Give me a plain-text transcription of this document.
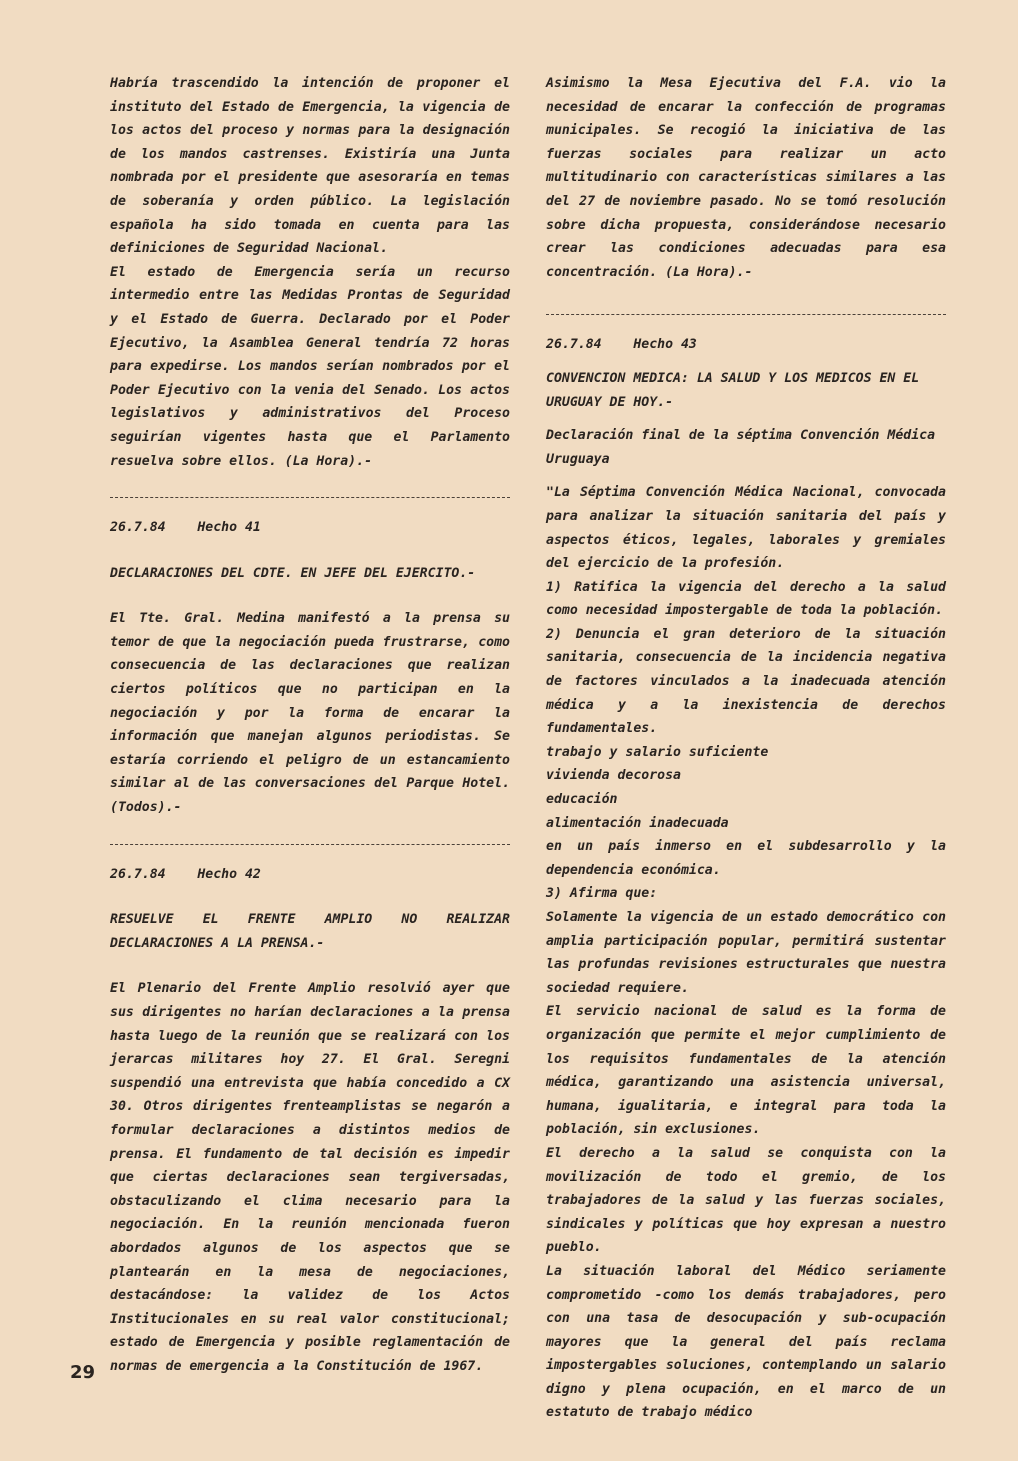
Habría trascendido la intención de proponer el instituto del Estado de Emergencia, la vigencia de los actos del proceso y normas para la designación de los mandos castrenses. Existiría una Junta nombrada por el presidente que asesoraría en temas de soberanía y orden público. La legislación española ha sido tomada en cuenta para las definiciones de Seguridad Nacional.

El estado de Emergencia sería un recurso intermedio entre las Medidas Prontas de Seguridad y el Estado de Guerra. Declarado por el Poder Ejecutivo, la Asamblea General tendría 72 horas para expedirse. Los mandos serían nombrados por el Poder Ejecutivo con la venia del Senado. Los actos legislativos y administrativos del Proceso seguirían vigentes hasta que el Parlamento resuelva sobre ellos. (La Hora).-

26.7.84    Hecho 41

DECLARACIONES DEL CDTE. EN JEFE DEL EJERCITO.-

El Tte. Gral. Medina manifestó a la prensa su temor de que la negociación pueda frustrarse, como consecuencia de las declaraciones que realizan ciertos políticos que no participan en la negociación y por la forma de encarar la información que manejan algunos periodistas. Se estaría corriendo el peligro de un estancamiento similar al de las conversaciones del Parque Hotel. (Todos).-

26.7.84    Hecho 42

RESUELVE EL FRENTE AMPLIO NO REALIZAR DECLARACIONES A LA PRENSA.-

El Plenario del Frente Amplio resolvió ayer que sus dirigentes no harían declaraciones a la prensa hasta luego de la reunión que se realizará con los jerarcas militares hoy 27. El Gral. Seregni suspendió una entrevista que había concedido a CX 30. Otros dirigentes frenteamplistas se negarón a formular declaraciones a distintos medios de prensa. El fundamento de tal decisión es impedir que ciertas declaraciones sean tergiversadas, obstaculizando el clima necesario para la negociación. En la reunión mencionada fueron abordados algunos de los aspectos que se plantearán en la mesa de negociaciones, destacándose: la validez de los Actos Institucionales en su real valor constitucional; estado de Emergencia y posible reglamentación de normas de emergencia a la Constitución de 1967.

Asimismo la Mesa Ejecutiva del F.A. vio la necesidad de encarar la confección de programas municipales. Se recogió la iniciativa de las fuerzas sociales para realizar un acto multitudinario con características similares a las del 27 de noviembre pasado. No se tomó resolución sobre dicha propuesta, considerándose necesario crear las condiciones adecuadas para esa concentración. (La Hora).-

26.7.84    Hecho 43

CONVENCION MEDICA: LA SALUD Y LOS MEDICOS EN EL URUGUAY DE HOY.-

Declaración final de la séptima Convención Médica Uruguaya

"La Séptima Convención Médica Nacional, convocada para analizar la situación sanitaria del país y aspectos éticos, legales, laborales y gremiales del ejercicio de la profesión.

1) Ratifica la vigencia del derecho a la salud como necesidad impostergable de toda la población.

2) Denuncia el gran deterioro de la situación sanitaria, consecuencia de la incidencia negativa de factores vinculados a la inadecuada atención médica y a la inexistencia de derechos fundamentales.

trabajo y salario suficiente

vivienda decorosa

educación

alimentación inadecuada

en un país inmerso en el subdesarrollo y la dependencia económica.

3) Afirma que:

Solamente la vigencia de un estado democrático con amplia participación popular, permitirá sustentar las profundas revisiones estructurales que nuestra sociedad requiere.

El servicio nacional de salud es la forma de organización que permite el mejor cumplimiento de los requisitos fundamentales de la atención médica, garantizando una asistencia universal, humana, igualitaria, e integral para toda la población, sin exclusiones.

El derecho a la salud se conquista con la movilización de todo el gremio, de los trabajadores de la salud y las fuerzas sociales, sindicales y políticas que hoy expresan a nuestro pueblo.

La situación laboral del Médico seriamente comprometido -como los demás trabajadores, pero con una tasa de desocupación y sub-ocupación mayores que la general del país reclama impostergables soluciones, contemplando un salario digno y plena ocupación, en el marco de un estatuto de trabajo médico

29
